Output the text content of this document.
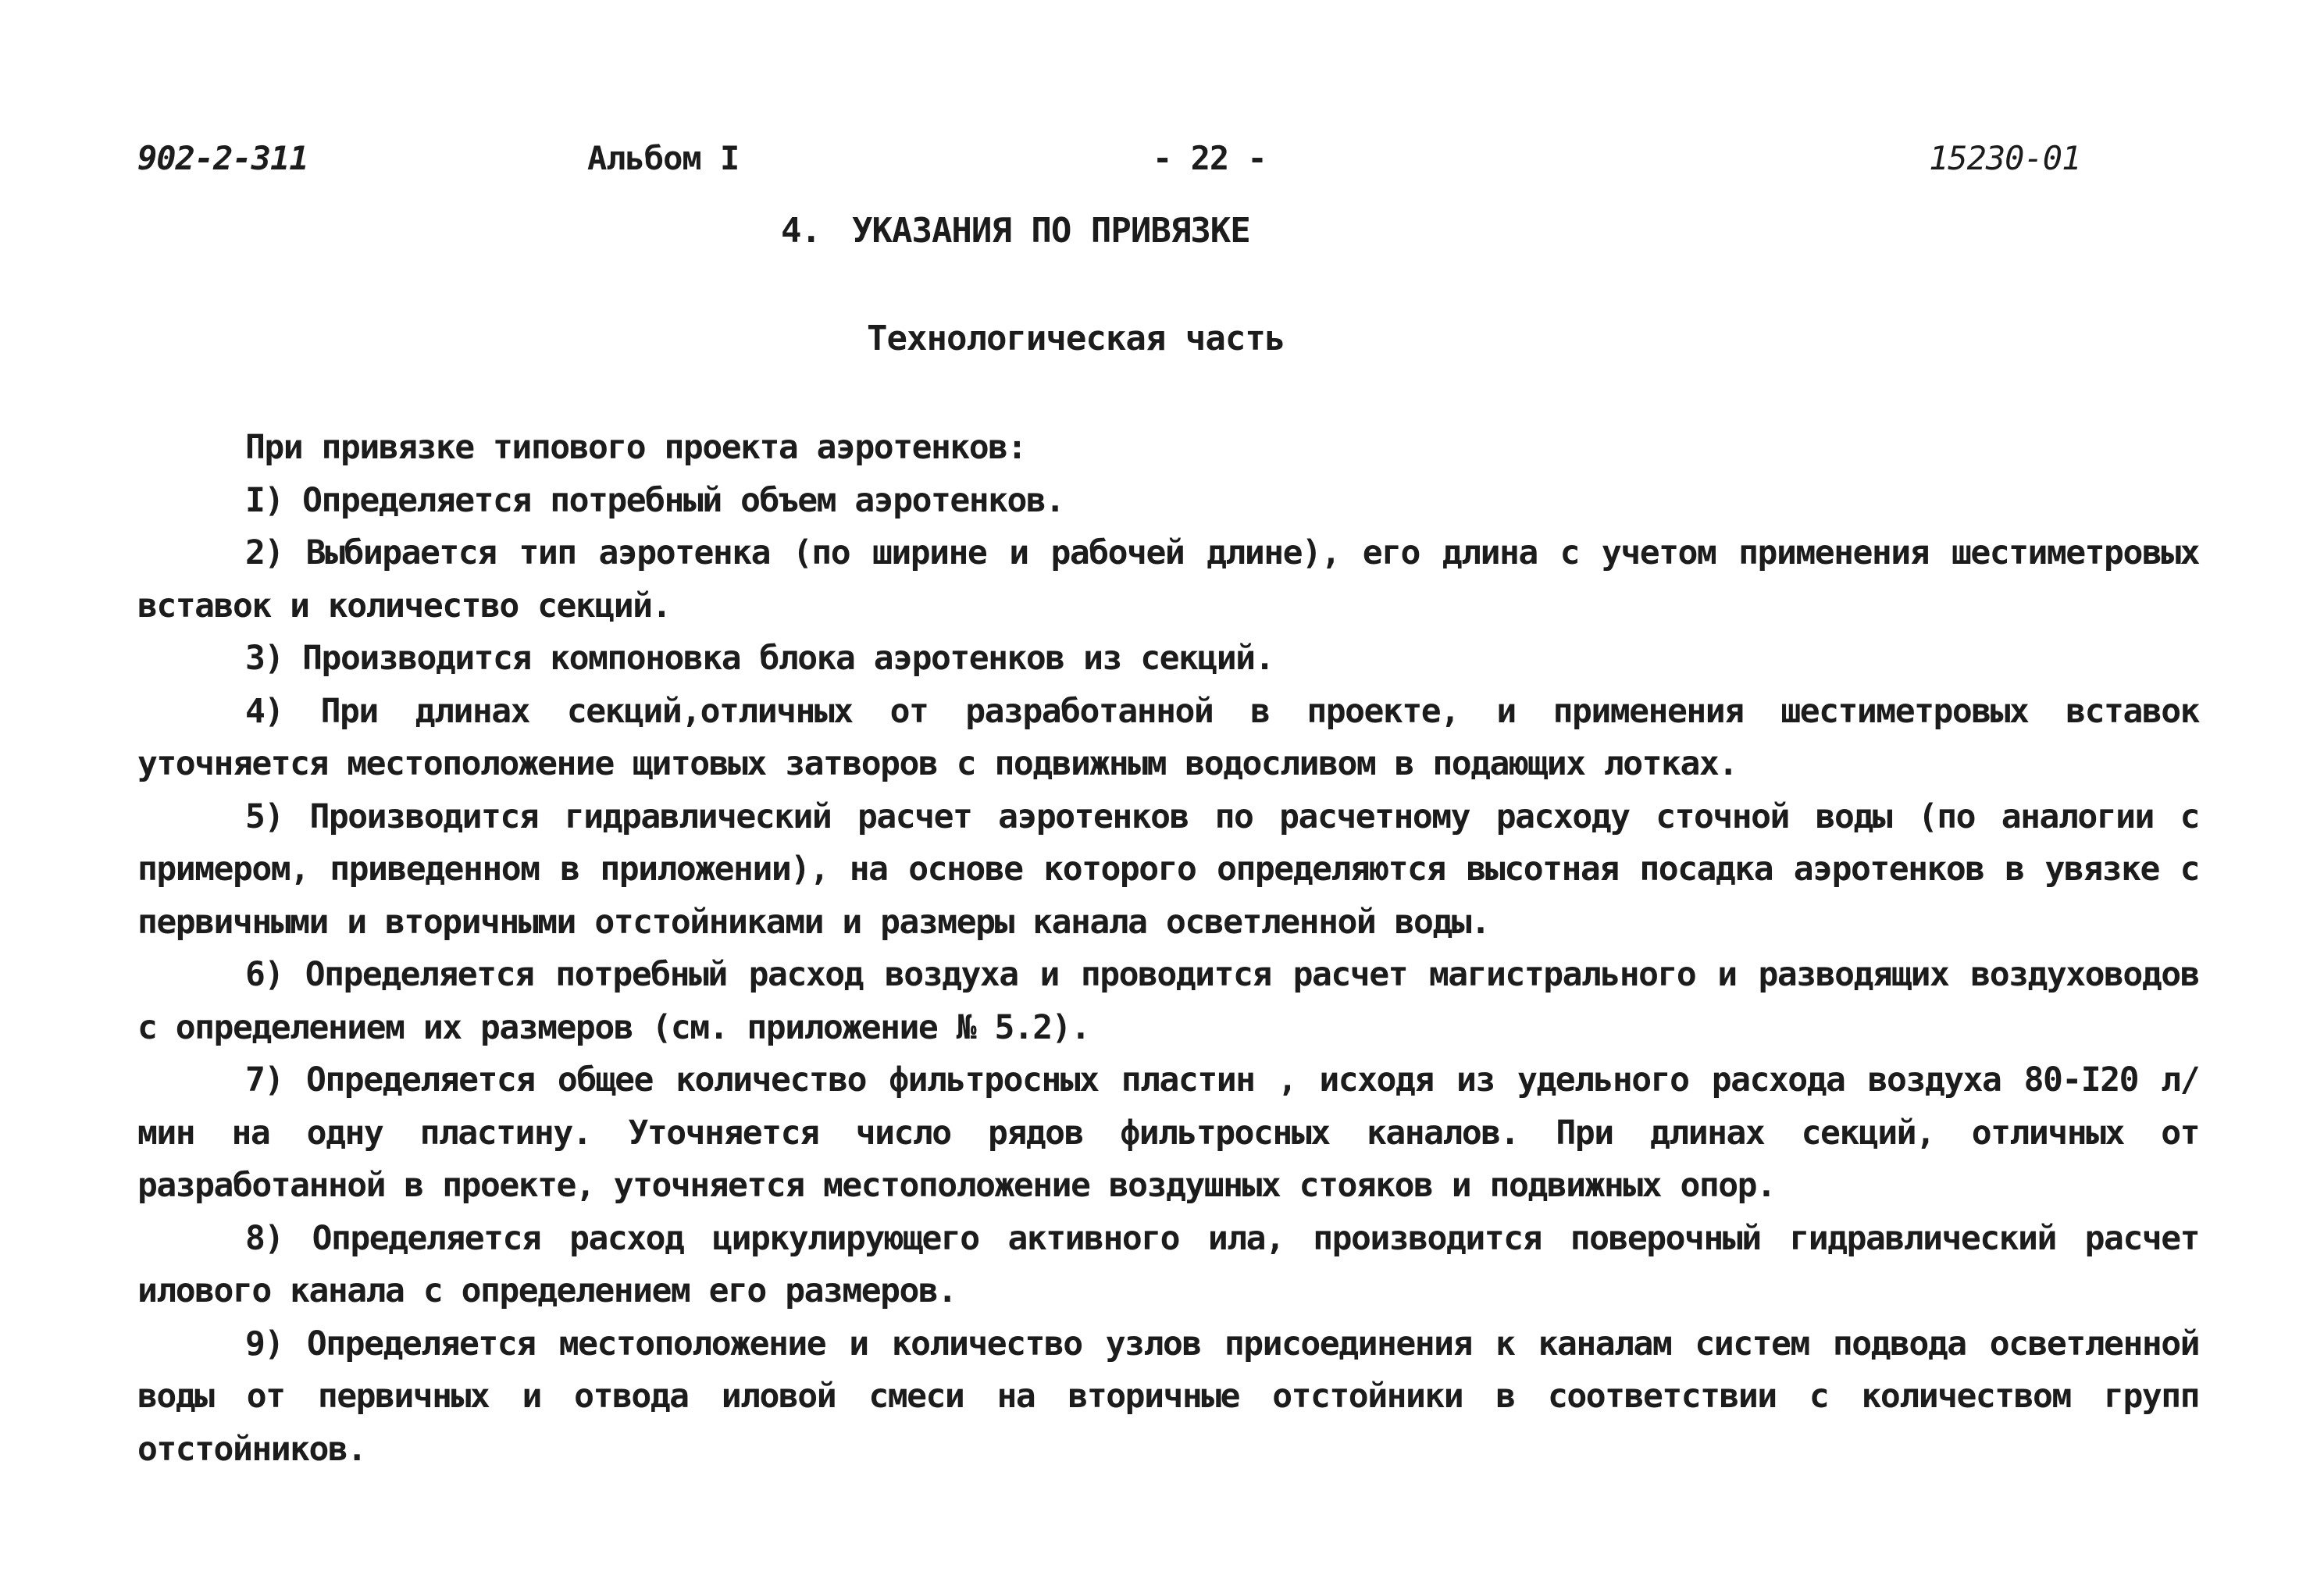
902-2-311	Альбом I	- 22 -	15230-01
4. УКАЗАНИЯ ПО ПРИВЯЗКЕ
Технологическая часть

При привязке типового проекта аэротенков:

I) Определяется потребный объем аэротенков.

2) Выбирается тип аэротенка (по ширине и рабочей длине), его длина с учетом применения шестиметровых вставок и количество секций.

3) Производится компоновка блока аэротенков из секций.

4) При длинах секций,отличных от разработанной в проекте, и применения шестиметровых вставок уточняется местоположение щитовых затворов с подвижным водосливом в подающих лотках.

5) Производится гидравлический расчет аэротенков по расчетному расходу сточной воды (по аналогии с примером, приведенном в приложении), на основе которого определяются высотная посадка аэротенков в увязке с первичными и вторичными отстойниками и размеры канала осветленной воды.

6) Определяется потребный расход воздуха и проводится расчет магистрального и разводящих воздуховодов с определением их размеров (см. приложение № 5.2).

7) Определяется общее количество фильтросных пластин , исходя из удельного расхода воздуха 80-I20 л/мин на одну пластину. Уточняется число рядов фильтросных каналов. При длинах секций, отличных от разработанной в проекте, уточняется местоположение воздушных стояков и подвижных опор.

8) Определяется расход циркулирующего активного ила, производится поверочный гидравлический расчет илового канала с определением его размеров.

9) Определяется местоположение и количество узлов присоединения к каналам систем подвода осветленной воды от первичных и отвода иловой смеси на вторичные отстойники в соответствии с количеством групп отстойников.
